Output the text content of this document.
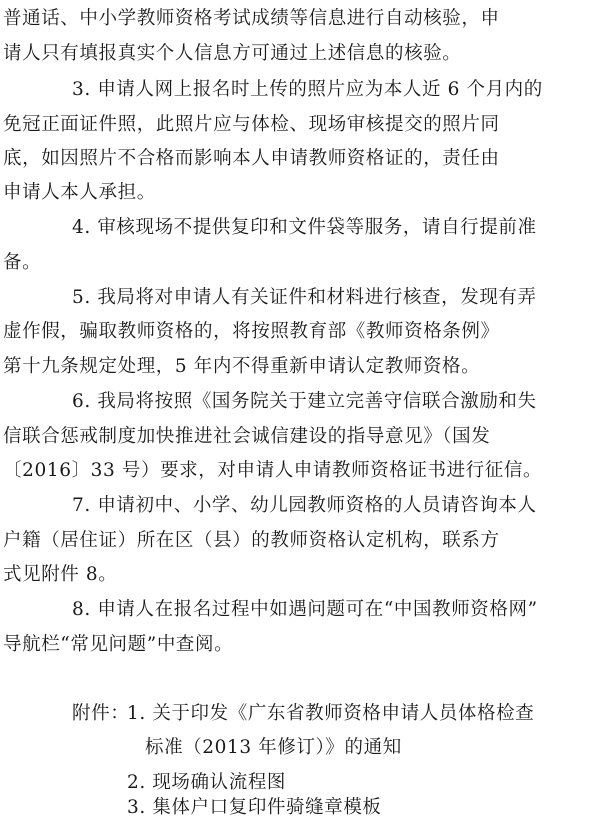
普通话、中小学教师资格考试成绩等信息进行自动核验，申
请人只有填报真实个人信息方可通过上述信息的核验。
3. 申请人网上报名时上传的照片应为本人近 6 个月内的
免冠正面证件照，此照片应与体检、现场审核提交的照片同
底，如因照片不合格而影响本人申请教师资格证的，责任由
申请人本人承担。
4. 审核现场不提供复印和文件袋等服务，请自行提前准
备。
5. 我局将对申请人有关证件和材料进行核查，发现有弄
虚作假，骗取教师资格的，将按照教育部《教师资格条例》
第十九条规定处理，5 年内不得重新申请认定教师资格。
6. 我局将按照《国务院关于建立完善守信联合激励和失
信联合惩戒制度加快推进社会诚信建设的指导意见》（国发
〔2016〕33 号）要求，对申请人申请教师资格证书进行征信。
7. 申请初中、小学、幼儿园教师资格的人员请咨询本人
户籍（居住证）所在区（县）的教师资格认定机构，联系方
式见附件 8。
8. 申请人在报名过程中如遇问题可在“中国教师资格网”
导航栏“常见问题”中查阅。
附件：
1. 关于印发《广东省教师资格申请人员体格检查
标准（2013 年修订）》的通知
2. 现场确认流程图
3. 集体户口复印件骑缝章模板
